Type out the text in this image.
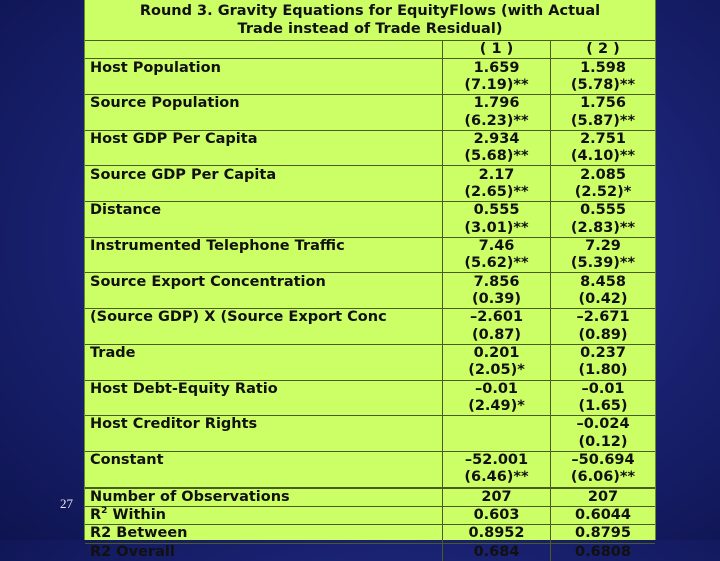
27
Round 3. Gravity Equations for EquityFlows (with Actual
Trade instead of Trade Residual)
	( 1 )	( 2 )
Host Population	1.659	1.598
	(7.19)**	(5.78)**
Source Population	1.796	1.756
	(6.23)**	(5.87)**
Host GDP Per Capita	2.934	2.751
	(5.68)**	(4.10)**
Source GDP Per Capita	2.17	2.085
	(2.65)**	(2.52)*
Distance	0.555	0.555
	(3.01)**	(2.83)**
Instrumented Telephone Traffic	7.46	7.29
	(5.62)**	(5.39)**
Source Export Concentration	7.856	8.458
	(0.39)	(0.42)
(Source GDP) X (Source Export Conc	–2.601	–2.671
	(0.87)	(0.89)
Trade	0.201	0.237
	(2.05)*	(1.80)
Host Debt-Equity Ratio	–0.01	–0.01
	(2.49)*	(1.65)
Host Creditor Rights		–0.024
		(0.12)
Constant	–52.001	–50.694
	(6.46)**	(6.06)**
Number of Observations	207	207
$R^2$ Within	0.603	0.6044
R2 Between	0.8952	0.8795
R2 Overall	0.684	0.6808
